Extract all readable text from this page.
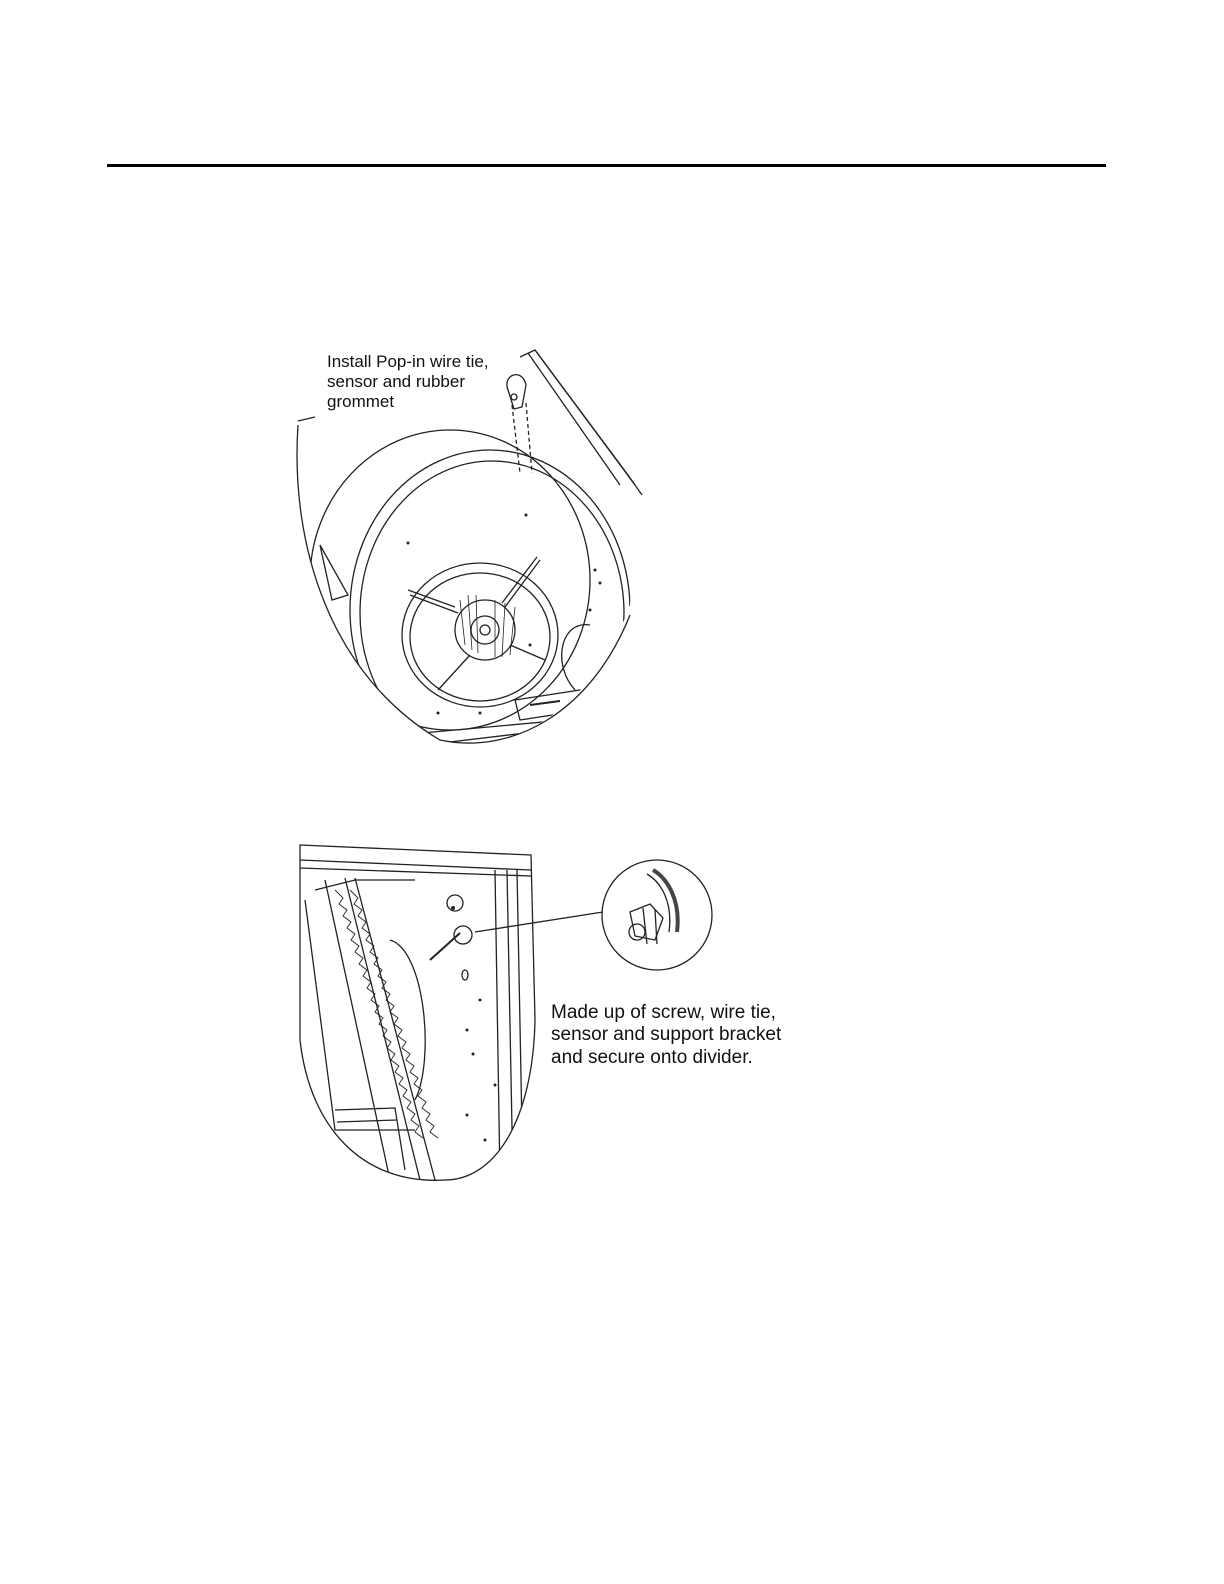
Install Pop-in wire tie,
sensor and rubber
grommet
Made up of screw, wire tie,
sensor and support bracket
and secure onto divider.
